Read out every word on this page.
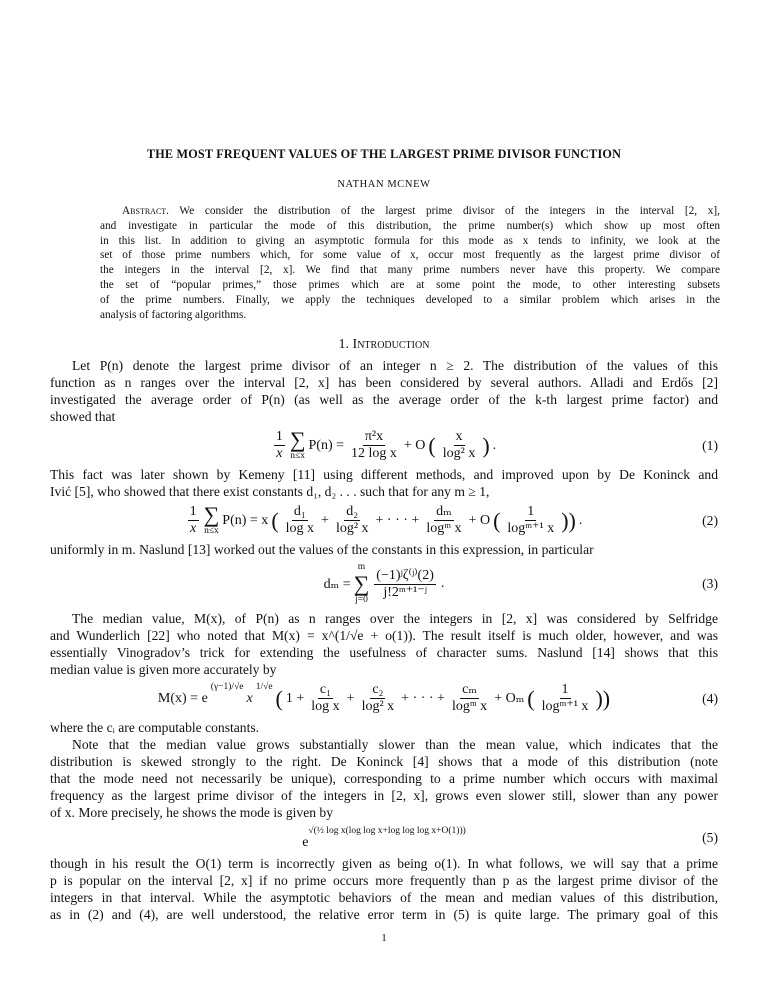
THE MOST FREQUENT VALUES OF THE LARGEST PRIME DIVISOR FUNCTION
NATHAN MCNEW
Abstract. We consider the distribution of the largest prime divisor of the integers in the interval [2, x],
and investigate in particular the mode of this distribution, the prime number(s) which show up most often
in this list. In addition to giving an asymptotic formula for this mode as x tends to infinity, we look at the
set of those prime numbers which, for some value of x, occur most frequently as the largest prime divisor of
the integers in the interval [2, x]. We find that many prime numbers never have this property. We compare
the set of “popular primes,” those primes which are at some point the mode, to other interesting subsets
of the prime numbers. Finally, we apply the techniques developed to a similar problem which arises in the
analysis of factoring algorithms.
1. Introduction
Let P(n) denote the largest prime divisor of an integer n ≥ 2. The distribution of the values of this
function as n ranges over the interval [2, x] has been considered by several authors. Alladi and Erdős [2]
investigated the average order of P(n) (as well as the average order of the k-th largest prime factor) and
showed that
$\frac{1}{x}$ ∑
n≤x
$P(n) = \frac{\text{π²x}}{\text{12 log x}} + O$ ( $\frac{x}{\text{log² x}}$ ) .	(1)
This fact was later shown by Kemeny [11] using different methods, and improved upon by De Koninck and
Ivić [5], who showed that there exist constants d₁, d₂ . . . such that for any m ≥ 1,
$\frac{1}{x}$ ∑
n≤x
P(n) = x ( $\frac{\text{d₁}}{\text{log x}} + \frac{\text{d₂}}{\text{log² x}}$ + · · · + $\frac{\text{dₘ}}{\text{logᵐ x}} + O$ ( $\frac{1}{\text{logᵐ⁺¹ x}}$ )) .	(2)
uniformly in m. Naslund [13] worked out the values of the constants in this expression, in particular
dₘ =
m
∑
$j=0 \frac{\text{(−1)ʲζ⁽ʲ⁾(2)}}{\text{j!2ᵐ⁺¹⁻ʲ}}$ .	(3)
The median value, M(x), of P(n) as n ranges over the integers in [2, x] was considered by Selfridge
and Wunderlich [22] who noted that M(x) = x^(1/√e + o(1)). The result itself is much older, however, and was
essentially Vinogradov’s trick for extending the usefulness of character sums. Naslund [14] shows that this
median value is given more accurately by
M(x) = e
$^{(\gamma-1)/√e}$
x
$^{1/√e}$ ( $1 + \frac{\text{c₁}}{\text{log x}} + \frac{\text{c₂}}{\text{log² x}}$ + · · · + $\frac{\text{cₘ}}{\text{logᵐ x}} + O_m$ ( $\frac{1}{\text{logᵐ⁺¹ x}}$ ))	(4)
where the cᵢ are computable constants.
Note that the median value grows substantially slower than the mean value, which indicates that the
distribution is skewed strongly to the right. De Koninck [4] shows that a mode of this distribution (note
that the mode need not necessarily be unique), corresponding to a prime number which occurs with maximal
frequency as the largest prime divisor of the integers in [2, x], grows even slower still, slower than any power
of x. More precisely, he shows the mode is given by
e
√(½ log x(log log x+log log log x+O(1)))	(5)
though in his result the O(1) term is incorrectly given as being o(1). In what follows, we will say that a prime
p is popular on the interval [2, x] if no prime occurs more frequently than p as the largest prime divisor of the
integers in that interval. While the asymptotic behaviors of the mean and median values of this distribution,
as in (2) and (4), are well understood, the relative error term in (5) is quite large. The primary goal of this
1
